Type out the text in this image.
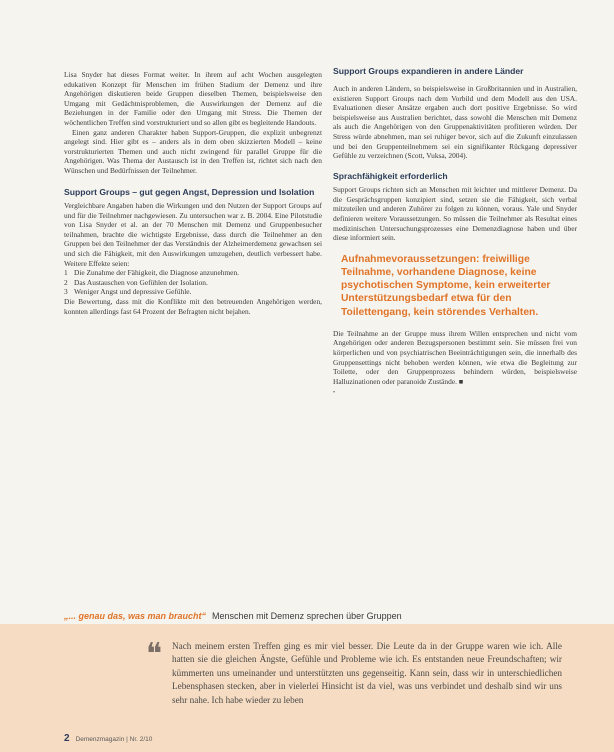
Lisa Snyder hat dieses Format weiter. In ihrem auf acht Wochen ausgelegten edukativen Konzept für Menschen im frühen Stadium der Demenz und ihre Angehörigen diskutieren beide Gruppen dieselben Themen, beispielsweise den Umgang mit Gedächtnisproblemen, die Auswirkungen der Demenz auf die Beziehungen in der Familie oder den Umgang mit Stress. Die Themen der wöchentlichen Treffen sind vorstrukturiert und so allen gibt es begleitende Handouts.

Einen ganz anderen Charakter haben Support-Gruppen, die explizit unbegrenzt angelegt sind. Hier gibt es – anders als in dem oben skizzierten Modell – keine vorstrukturierten Themen und auch nicht zwingend für parallel Gruppe für die Angehörigen. Was Thema der Austausch ist in den Treffen ist, richtet sich nach den Wünschen und Bedürfnissen der Teilnehmer.

Support Groups – gut gegen Angst, Depression und Isolation

Vergleichbare Angaben haben die Wirkungen und den Nutzen der Support Groups auf und für die Teilnehmer nachgewiesen. Zu untersuchen war z. B. 2004. Eine Pilotstudie von Lisa Snyder et al. an der 70 Menschen mit Demenz und Gruppenbesucher teilnahmen, brachte die wichtigste Ergebnisse, dass durch die Teilnehmer an den Gruppen bei den Teilnehmer der das Verständnis der Alzheimerdemenz gewachsen sei und sich die Fähigkeit, mit den Auswirkungen umzugehen, deutlich verbessert habe. Weitere Effekte seien:

1 Die Zunahme der Fähigkeit, die Diagnose anzunehmen.
2 Das Austauschen von Gefühlen der Isolation.
3 Weniger Angst und depressive Gefühle.

Die Bewertung, dass mit die Konflikte mit den betreuenden Angehörigen werden, konnten allerdings fast 64 Prozent der Befragten nicht bejahen.

Support Groups expandieren in andere Länder

Auch in anderen Ländern, so beispielsweise in Großbritannien und in Australien, existieren Support Groups nach dem Vorbild und dem Modell aus den USA. Evaluationen dieser Ansätze ergaben auch dort positive Ergebnisse. So wird beispielsweise aus Australien berichtet, dass sowohl die Menschen mit Demenz als auch die Angehörigen von den Gruppenaktivitäten profitieren würden. Der Stress würde abnehmen, man sei ruhiger bevor, sich auf die Zukunft einzulassen und bei den Gruppenteilnehmern sei ein signifikanter Rückgang depressiver Gefühle zu verzeichnen (Scott, Vuksa, 2004).

Sprachfähigkeit erforderlich

Support Groups richten sich an Menschen mit leichter und mittlerer Demenz. Da die Gesprächsgruppen konzipiert sind, setzen sie die Fähigkeit, sich verbal mitzuteilen und anderen Zuhörer zu folgen zu können, voraus. Yale und Snyder definieren weitere Voraussetzungen. So müssen die Teilnehmer als Resultat eines medizinischen Untersuchungsprozesses eine Demenzdiagnose haben und über diese informiert sein.

Aufnahmevoraussetzungen: freiwillige Teilnahme, vorhandene Diagnose, keine psychotischen Symptome, kein erweiterter Unterstützungsbedarf etwa für den Toilettengang, kein störendes Verhalten.

Die Teilnahme an der Gruppe muss ihrem Willen entsprechen und nicht vom Angehörigen oder anderen Bezugspersonen bestimmt sein. Sie müssen frei von körperlichen und von psychiatrischen Beeinträchtigungen sein, die innerhalb des Gruppensettings nicht behoben werden können, wie etwa die Begleitung zur Toilette, oder den Gruppenprozess behindern würden, beispielsweise Halluzinationen oder paranoide Zustände. ■

•
„... genau das, was man braucht“ Menschen mit Demenz sprechen über Gruppen
❝ Nach meinem ersten Treffen ging es mir viel besser. Die Leute da in der Gruppe waren wie ich. Alle hatten sie die gleichen Ängste, Gefühle und Probleme wie ich. Es entstanden neue Freundschaften; wir kümmerten uns umeinander und unterstützten uns gegenseitig. Kann sein, dass wir in unterschiedlichen Lebensphasen stecken, aber in vielerlei Hinsicht ist da viel, was uns verbindet und deshalb sind wir uns sehr nahe. Ich habe wieder zu leben

2 Demenzmagazin | Nr. 2/10
